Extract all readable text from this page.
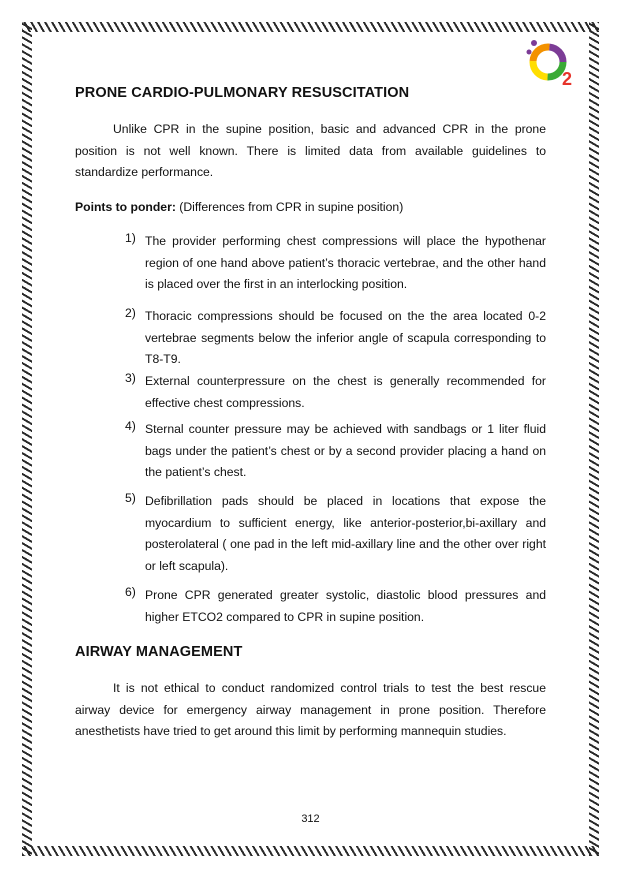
2
PRONE CARDIO-PULMONARY RESUSCITATION

Unlike CPR in the supine position, basic and advanced CPR in the prone position is not well known. There is limited data from available guidelines to standardize performance.

Points to ponder: (Differences from CPR in supine position)

1) The provider performing chest compressions will place the hypothenar region of one hand above patient’s thoracic vertebrae, and the other hand is placed over the first in an interlocking position.
2) Thoracic compressions should be focused on the the area located 0-2 vertebrae segments below the inferior angle of scapula corresponding to T8-T9.
3) External counterpressure on the chest is generally recommended for effective chest compressions.
4) Sternal counter pressure may be achieved with sandbags or 1 liter fluid bags under the patient’s chest or by a second provider placing a hand on the patient’s chest.
5) Defibrillation pads should be placed in locations that expose the myocardium to sufficient energy, like anterior-posterior,bi-axillary and posterolateral ( one pad in the left mid-axillary line and the other over right or left scapula).
6) Prone CPR generated greater systolic, diastolic blood pressures and higher ETCO2 compared to CPR in supine position.
AIRWAY MANAGEMENT

It is not ethical to conduct randomized control trials to test the best rescue airway device for emergency airway management in prone position. Therefore anesthetists have tried to get around this limit by performing mannequin studies.

312
